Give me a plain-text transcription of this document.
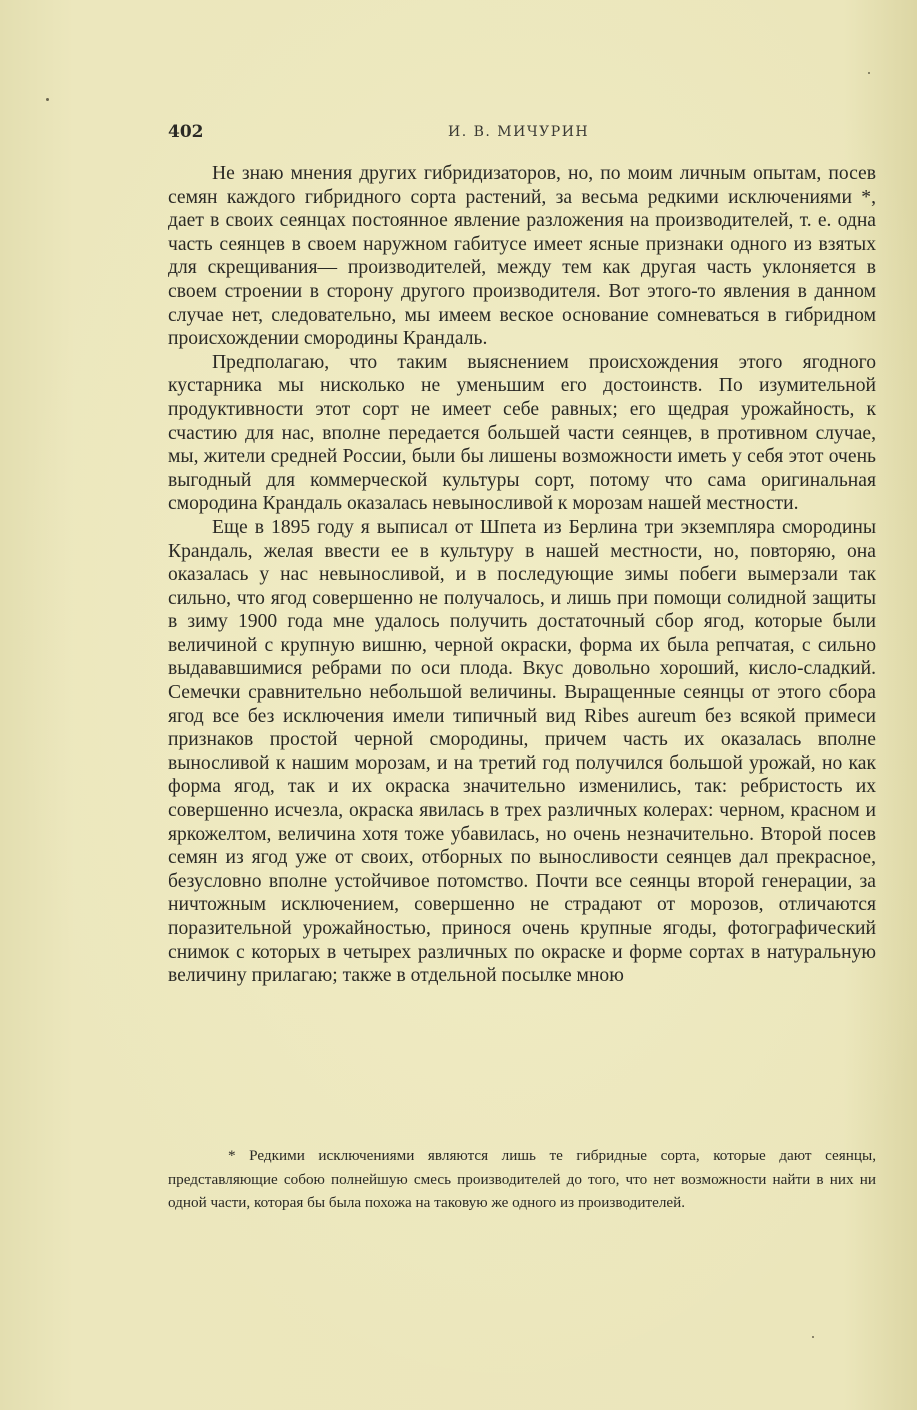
402	И. В. МИЧУРИН

Не знаю мнения других гибридизаторов, но, по моим личным опытам, посев семян каждого гибридного сорта растений, за весьма редкими исключениями *, дает в своих сеянцах постоянное явление разложения на производителей, т. е. одна часть сеянцев в своем наружном габитусе имеет ясные признаки одного из взятых для скрещивания— производителей, между тем как другая часть уклоняется в своем строении в сторону другого производителя. Вот этого-то явления в данном случае нет, следовательно, мы имеем веское основание сомневаться в гибридном происхождении смородины Крандаль.

Предполагаю, что таким выяснением происхождения этого ягодного кустарника мы нисколько не уменьшим его достоинств. По изумительной продуктивности этот сорт не имеет себе равных; его щедрая урожайность, к счастию для нас, вполне передается большей части сеянцев, в противном случае, мы, жители средней России, были бы лишены возможности иметь у себя этот очень выгодный для коммерческой культуры сорт, потому что сама оригинальная смородина Крандаль оказалась невыносливой к морозам нашей местности.

Еще в 1895 году я выписал от Шпета из Берлина три экземпляра смородины Крандаль, желая ввести ее в культуру в нашей местности, но, повторяю, она оказалась у нас невыносливой, и в последующие зимы побеги вымерзали так сильно, что ягод совершенно не получалось, и лишь при помощи солидной защиты в зиму 1900 года мне удалось получить достаточный сбор ягод, которые были величиной с крупную вишню, черной окраски, форма их была репчатая, с сильно выдававшимися ребрами по оси плода. Вкус довольно хороший, кисло-сладкий. Семечки сравнительно небольшой величины. Выращенные сеянцы от этого сбора ягод все без исключения имели типичный вид Ribes aureum без всякой примеси признаков простой черной смородины, причем часть их оказалась вполне выносливой к нашим морозам, и на третий год получился большой урожай, но как форма ягод, так и их окраска значительно изменились, так: ребристость их совершенно исчезла, окраска явилась в трех различных колерах: черном, красном и яркожелтом, величина хотя тоже убавилась, но очень незначительно. Второй посев семян из ягод уже от своих, отборных по выносливости сеянцев дал прекрасное, безусловно вполне устойчивое потомство. Почти все сеянцы второй генерации, за ничтожным исключением, совершенно не страдают от морозов, отличаются поразительной урожайностью, принося очень крупные ягоды, фотографический снимок с которых в четырех различных по окраске и форме сортах в натуральную величину прилагаю; также в отдельной посылке мною

* Редкими исключениями являются лишь те гибридные сорта, которые дают сеянцы, представляющие собою полнейшую смесь производителей до того, что нет возможности найти в них ни одной части, которая бы была похожа на таковую же одного из производителей.
